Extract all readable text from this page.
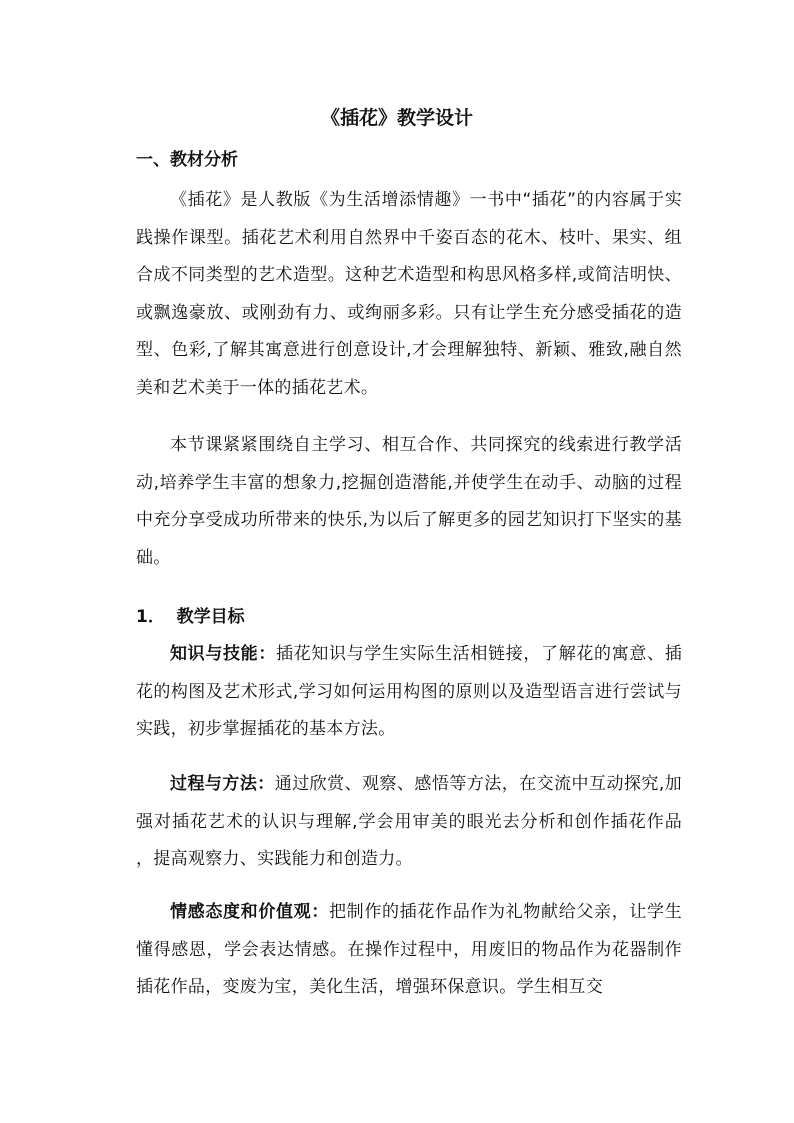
《插花》教学设计
一、教材分析

《插花》是人教版《为生活增添情趣》一书中“插花”的内容属于实践操作课型。插花艺术利用自然界中千姿百态的花木、枝叶、果实、组合成不同类型的艺术造型。这种艺术造型和构思风格多样,或简洁明快、或飘逸豪放、或刚劲有力、或绚丽多彩。只有让学生充分感受插花的造型、色彩,了解其寓意进行创意设计,才会理解独特、新颖、雅致,融自然美和艺术美于一体的插花艺术。

本节课紧紧围绕自主学习、相互合作、共同探究的线索进行教学活动,培养学生丰富的想象力,挖掘创造潜能,并使学生在动手、动脑的过程中充分享受成功所带来的快乐,为以后了解更多的园艺知识打下坚实的基础。

1．  教学目标

知识与技能：插花知识与学生实际生活相链接，了解花的寓意、插花的构图及艺术形式,学习如何运用构图的原则以及造型语言进行尝试与实践，初步掌握插花的基本方法。

过程与方法：通过欣赏、观察、感悟等方法，在交流中互动探究,加强对插花艺术的认识与理解,学会用审美的眼光去分析和创作插花作品 ，提高观察力、实践能力和创造力。

情感态度和价值观：把制作的插花作品作为礼物献给父亲，让学生懂得感恩，学会表达情感。在操作过程中，用废旧的物品作为花器制作插花作品，变废为宝，美化生活，增强环保意识。学生相互交
